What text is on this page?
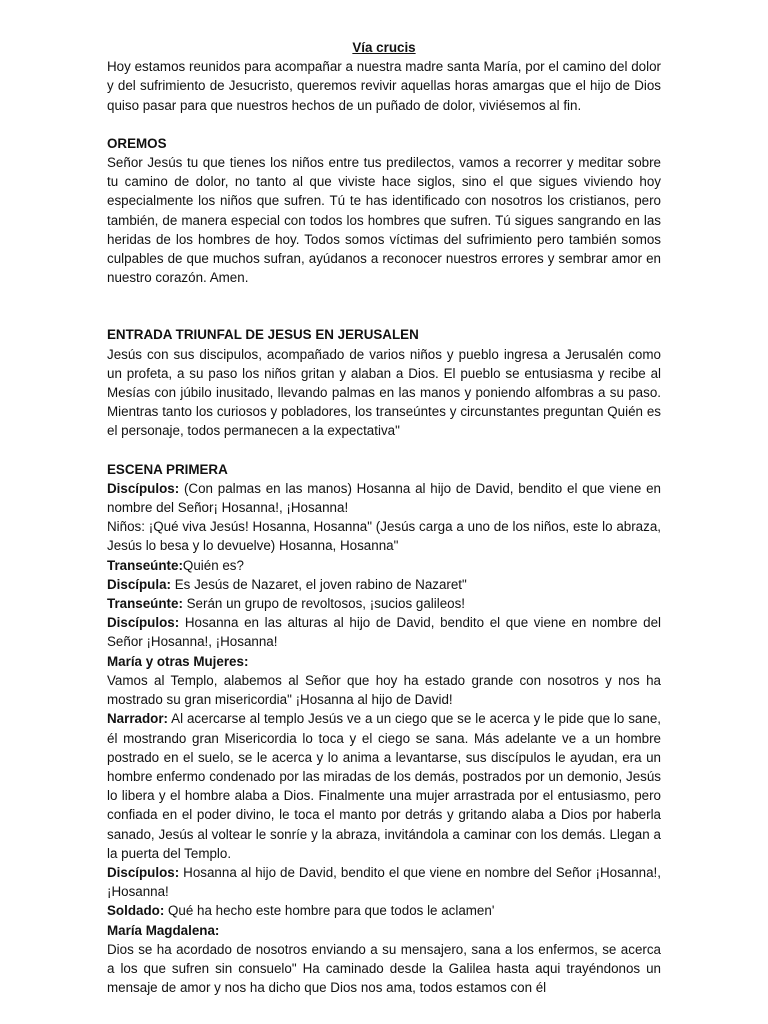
Vía crucis

Hoy estamos reunidos para acompañar a nuestra madre santa María, por el camino del dolor y del sufrimiento de Jesucristo, queremos revivir aquellas horas amargas que el hijo de Dios quiso pasar para que nuestros hechos de un puñado de dolor, viviésemos al fin.

OREMOS

Señor Jesús tu que tienes los niños entre tus predilectos, vamos a recorrer y meditar sobre tu camino de dolor, no tanto al que viviste hace siglos, sino el que sigues viviendo hoy especialmente los niños que sufren. Tú te has identificado con nosotros los cristianos, pero también, de manera especial con todos los hombres que sufren. Tú sigues sangrando en las heridas de los hombres de hoy. Todos somos víctimas del sufrimiento pero también somos culpables de que muchos sufran, ayúdanos a reconocer nuestros errores y sembrar amor en nuestro corazón. Amen.

ENTRADA TRIUNFAL DE JESUS EN JERUSALEN

Jesús con sus discipulos, acompañado de varios niños y pueblo ingresa a Jerusalén como un profeta, a su paso los niños gritan y alaban a Dios. El pueblo se entusiasma y recibe al Mesías con júbilo inusitado, llevando palmas en las manos y poniendo alfombras a su paso. Mientras tanto los curiosos y pobladores, los transeúntes y circunstantes preguntan Quién es el personaje, todos permanecen a la expectativa"

ESCENA PRIMERA

Discípulos: (Con palmas en las manos) Hosanna al hijo de David, bendito el que viene en nombre del Señor¡ Hosanna!, ¡Hosanna!

Niños: ¡Qué viva Jesús! Hosanna, Hosanna" (Jesús carga a uno de los niños, este lo abraza, Jesús lo besa y lo devuelve) Hosanna, Hosanna"

Transeúnte:Quién es?

Discípula: Es Jesús de Nazaret, el joven rabino de Nazaret"

Transeúnte: Serán un grupo de revoltosos, ¡sucios galileos!

Discípulos: Hosanna en las alturas al hijo de David, bendito el que viene en nombre del Señor ¡Hosanna!, ¡Hosanna!

María y otras Mujeres:

Vamos al Templo, alabemos al Señor que hoy ha estado grande con nosotros y nos ha mostrado su gran misericordia" ¡Hosanna al hijo de David!

Narrador: Al acercarse al templo Jesús ve a un ciego que se le acerca y le pide que lo sane, él mostrando gran Misericordia lo toca y el ciego se sana. Más adelante ve a un hombre postrado en el suelo, se le acerca y lo anima a levantarse, sus discípulos le ayudan, era un hombre enfermo condenado por las miradas de los demás, postrados por un demonio, Jesús lo libera y el hombre alaba a Dios. Finalmente una mujer arrastrada por el entusiasmo, pero confiada en el poder divino, le toca el manto por detrás y gritando alaba a Dios por haberla sanado, Jesús al voltear le sonríe y la abraza, invitándola a caminar con los demás. Llegan a la puerta del Templo.

Discípulos: Hosanna al hijo de David, bendito el que viene en nombre del Señor ¡Hosanna!, ¡Hosanna!

Soldado: Qué ha hecho este hombre para que todos le aclamen'

María Magdalena:

Dios se ha acordado de nosotros enviando a su mensajero, sana a los enfermos, se acerca a los que sufren sin consuelo" Ha caminado desde la Galilea hasta aqui trayéndonos un mensaje de amor y nos ha dicho que Dios nos ama, todos estamos con él
